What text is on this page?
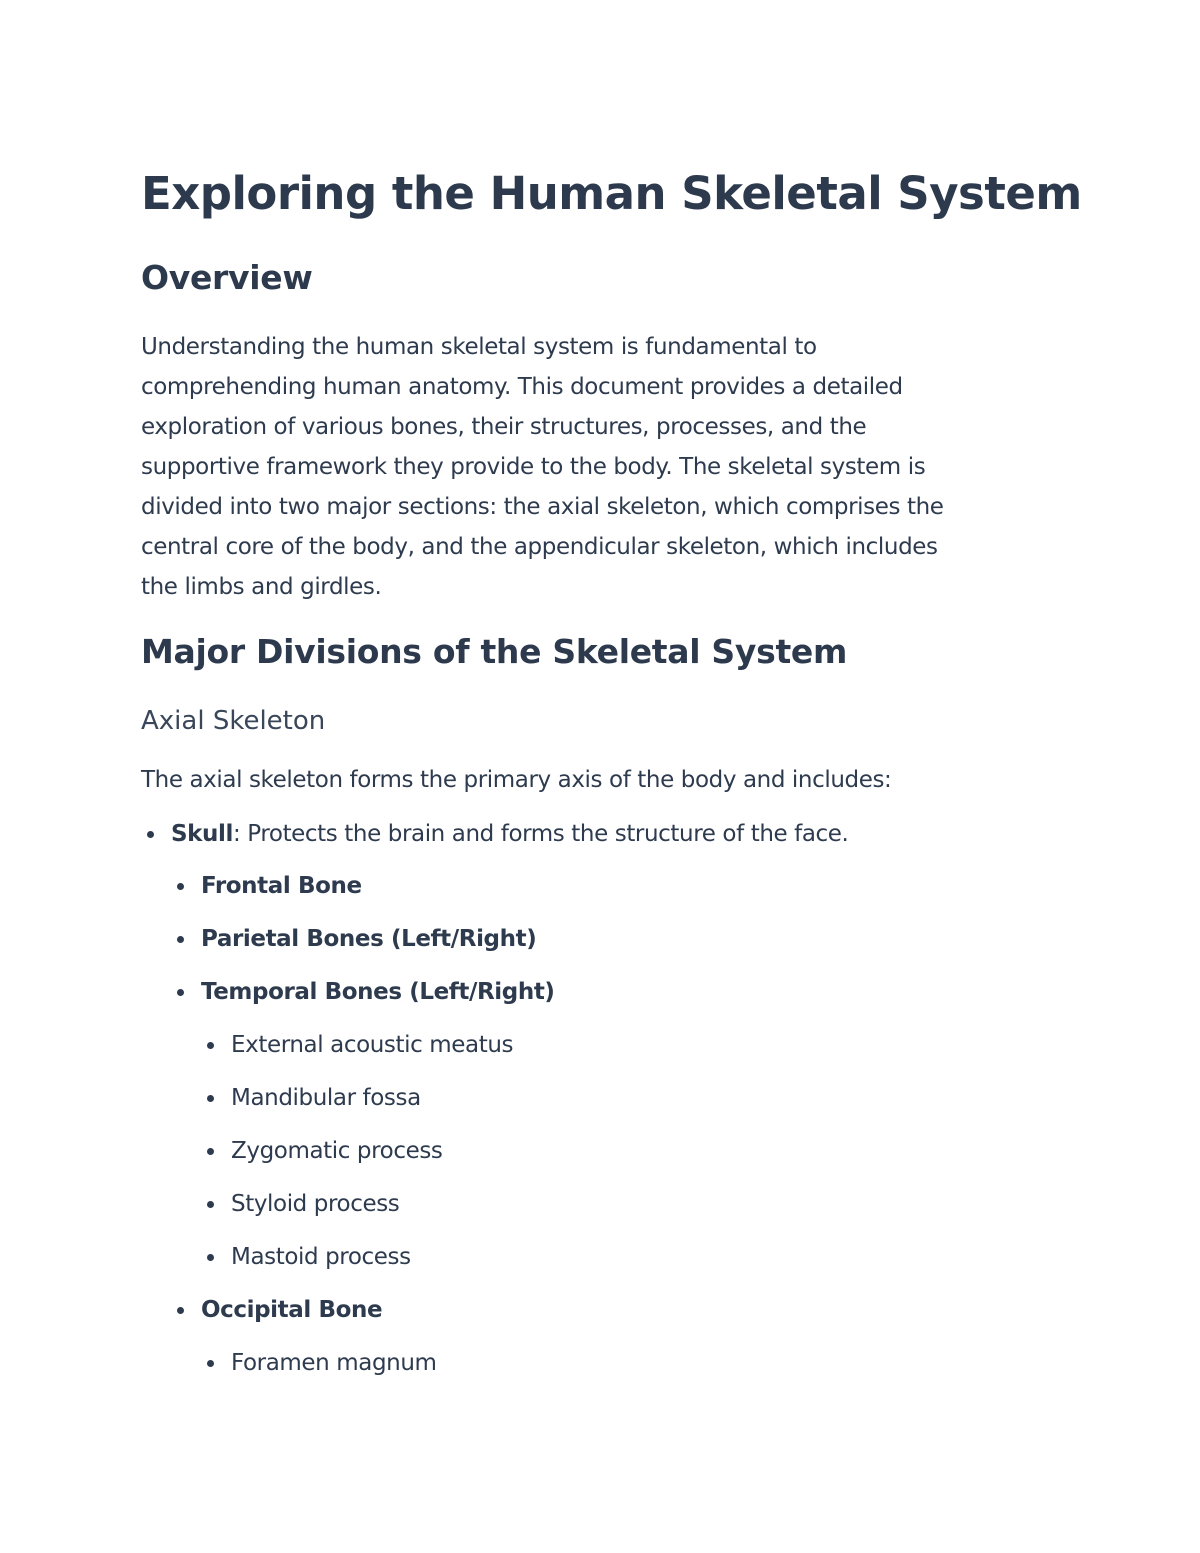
Exploring the Human Skeletal System
Overview

Understanding the human skeletal system is fundamental to
comprehending human anatomy. This document provides a detailed
exploration of various bones, their structures, processes, and the
supportive framework they provide to the body. The skeletal system is
divided into two major sections: the axial skeleton, which comprises the
central core of the body, and the appendicular skeleton, which includes
the limbs and girdles.

Major Divisions of the Skeletal System
Axial Skeleton

The axial skeleton forms the primary axis of the body and includes:

Skull: Protects the brain and forms the structure of the face.
Frontal Bone
Parietal Bones (Left/Right)
Temporal Bones (Left/Right)
External acoustic meatus
Mandibular fossa
Zygomatic process
Styloid process
Mastoid process
Occipital Bone
Foramen magnum
